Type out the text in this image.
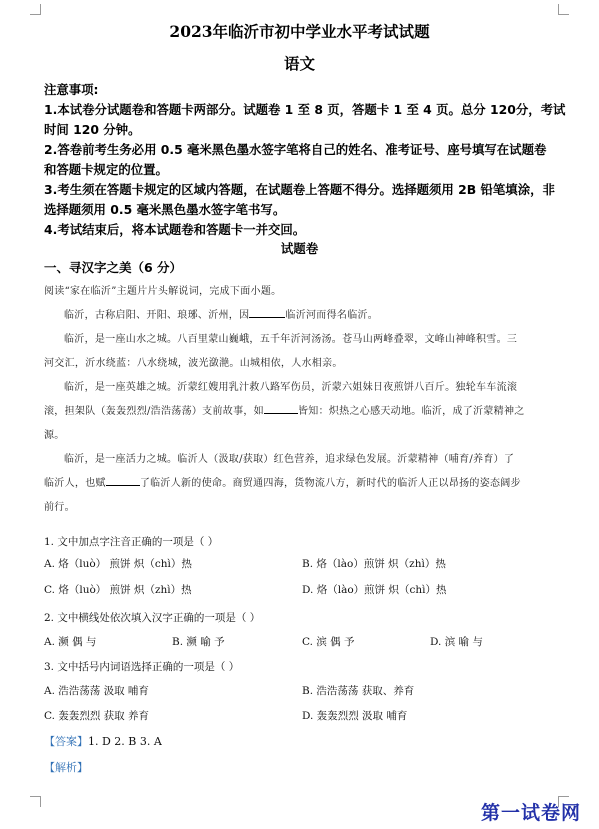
2023年临沂市初中学业水平考试试题
语文

注意事项:

1.本试卷分试题卷和答题卡两部分。试题卷 1 至 8 页，答题卡 1 至 4 页。总分 120分，考试

时间 120 分钟。

2.答卷前考生务必用 0.5 毫米黑色墨水签字笔将自己的姓名、准考证号、座号填写在试题卷

和答题卡规定的位置。

3.考生须在答题卡规定的区域内答题，在试题卷上答题不得分。选择题须用 2B 铅笔填涂，非

选择题须用 0.5 毫米黑色墨水签字笔书写。

4.考试结束后，将本试题卷和答题卡一并交回。

试题卷
一、寻汉字之美（6 分）

阅读“家在临沂”主题片片头解说词，完成下面小题。

临沂，古称启阳、开阳、琅琊、沂州，因	临沂河而得名临沂。

临沂，是一座山水之城。八百里蒙山巍峨，五千年沂河汤汤。苍马山两峰叠翠，文峰山神峰积雪。三

河交汇，沂水绕蓝：八水绕城，波光潋滟。山城相依，人水相亲。

临沂，是一座英雄之城。沂蒙红嫂用乳汁救八路军伤员，沂蒙六姐妹日夜煎饼八百斤。独轮车车流滚

滚，担架队（轰轰烈烈/浩浩荡荡）支前故事，如	皆知：炽热之心感天动地。临沂，成了沂蒙精神之

源。

临沂，是一座活力之城。临沂人（汲取/获取）红色营养，追求绿色发展。沂蒙精神（哺育/养育）了

临沂人，也赋	了临沂人新的使命。商贸通四海，货物流八方，新时代的临沂人正以昂扬的姿态阔步

前行。

1. 文中加点字注音正确的一项是（ ）
A. 烙（luò） 煎饼 炽（chì）热	B. 烙（lào）煎饼 炽（zhì）热
C. 烙（luò） 煎饼 炽（zhì）热	D. 烙（lào）煎饼 炽（chì）热
2. 文中横线处依次填入汉字正确的一项是（ ）
A. 濒 偶 与	B. 濒 喻 予	C. 滨 偶 予	D. 滨 喻 与
3. 文中括号内词语选择正确的一项是（ ）
A. 浩浩荡荡 汲取 哺育	B. 浩浩荡荡 获取、养育
C. 轰轰烈烈 获取 养育	D. 轰轰烈烈 汲取 哺育
【答案】1. D 2. B 3. A
【解析】
第一试卷网
